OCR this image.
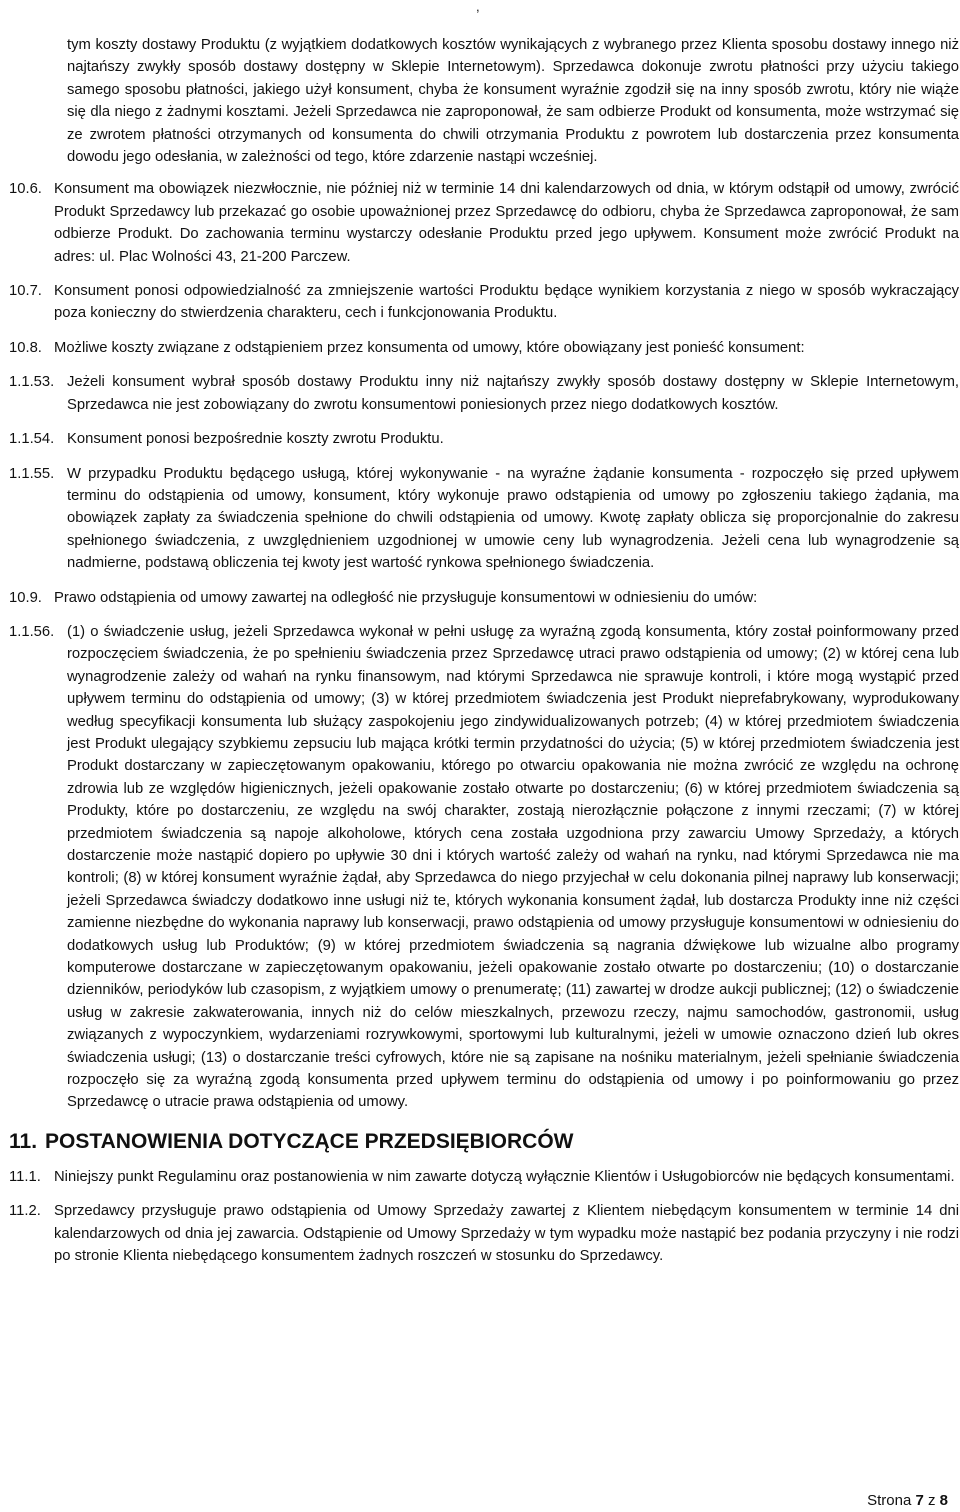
,
tym koszty dostawy Produktu (z wyjątkiem dodatkowych kosztów wynikających z wybranego przez Klienta sposobu dostawy innego niż najtańszy zwykły sposób dostawy dostępny w Sklepie Internetowym). Sprzedawca dokonuje zwrotu płatności przy użyciu takiego samego sposobu płatności, jakiego użył konsument, chyba że konsument wyraźnie zgodził się na inny sposób zwrotu, który nie wiąże się dla niego z żadnymi kosztami. Jeżeli Sprzedawca nie zaproponował, że sam odbierze Produkt od konsumenta, może wstrzymać się ze zwrotem płatności otrzymanych od konsumenta do chwili otrzymania Produktu z powrotem lub dostarczenia przez konsumenta dowodu jego odesłania, w zależności od tego, które zdarzenie nastąpi wcześniej.
10.6. Konsument ma obowiązek niezwłocznie, nie później niż w terminie 14 dni kalendarzowych od dnia, w którym odstąpił od umowy, zwrócić Produkt Sprzedawcy lub przekazać go osobie upoważnionej przez Sprzedawcę do odbioru, chyba że Sprzedawca zaproponował, że sam odbierze Produkt. Do zachowania terminu wystarczy odesłanie Produktu przed jego upływem. Konsument może zwrócić Produkt na adres: ul. Plac Wolności 43, 21-200 Parczew.
10.7. Konsument ponosi odpowiedzialność za zmniejszenie wartości Produktu będące wynikiem korzystania z niego w sposób wykraczający poza konieczny do stwierdzenia charakteru, cech i funkcjonowania Produktu.
10.8. Możliwe koszty związane z odstąpieniem przez konsumenta od umowy, które obowiązany jest ponieść konsument:
1.1.53. Jeżeli konsument wybrał sposób dostawy Produktu inny niż najtańszy zwykły sposób dostawy dostępny w Sklepie Internetowym, Sprzedawca nie jest zobowiązany do zwrotu konsumentowi poniesionych przez niego dodatkowych kosztów.
1.1.54. Konsument ponosi bezpośrednie koszty zwrotu Produktu.
1.1.55. W przypadku Produktu będącego usługą, której wykonywanie - na wyraźne żądanie konsumenta - rozpoczęło się przed upływem terminu do odstąpienia od umowy, konsument, który wykonuje prawo odstąpienia od umowy po zgłoszeniu takiego żądania, ma obowiązek zapłaty za świadczenia spełnione do chwili odstąpienia od umowy. Kwotę zapłaty oblicza się proporcjonalnie do zakresu spełnionego świadczenia, z uwzględnieniem uzgodnionej w umowie ceny lub wynagrodzenia. Jeżeli cena lub wynagrodzenie są nadmierne, podstawą obliczenia tej kwoty jest wartość rynkowa spełnionego świadczenia.
10.9. Prawo odstąpienia od umowy zawartej na odległość nie przysługuje konsumentowi w odniesieniu do umów:
1.1.56. (1) o świadczenie usług, jeżeli Sprzedawca wykonał w pełni usługę za wyraźną zgodą konsumenta, który został poinformowany przed rozpoczęciem świadczenia, że po spełnieniu świadczenia przez Sprzedawcę utraci prawo odstąpienia od umowy; (2) w której cena lub wynagrodzenie zależy od wahań na rynku finansowym, nad którymi Sprzedawca nie sprawuje kontroli, i które mogą wystąpić przed upływem terminu do odstąpienia od umowy; (3) w której przedmiotem świadczenia jest Produkt nieprefabrykowany, wyprodukowany według specyfikacji konsumenta lub służący zaspokojeniu jego zindywidualizowanych potrzeb; (4) w której przedmiotem świadczenia jest Produkt ulegający szybkiemu zepsuciu lub mająca krótki termin przydatności do użycia; (5) w której przedmiotem świadczenia jest Produkt dostarczany w zapieczętowanym opakowaniu, którego po otwarciu opakowania nie można zwrócić ze względu na ochronę zdrowia lub ze względów higienicznych, jeżeli opakowanie zostało otwarte po dostarczeniu; (6) w której przedmiotem świadczenia są Produkty, które po dostarczeniu, ze względu na swój charakter, zostają nierozłącznie połączone z innymi rzeczami; (7) w której przedmiotem świadczenia są napoje alkoholowe, których cena została uzgodniona przy zawarciu Umowy Sprzedaży, a których dostarczenie może nastąpić dopiero po upływie 30 dni i których wartość zależy od wahań na rynku, nad którymi Sprzedawca nie ma kontroli; (8) w której konsument wyraźnie żądał, aby Sprzedawca do niego przyjechał w celu dokonania pilnej naprawy lub konserwacji; jeżeli Sprzedawca świadczy dodatkowo inne usługi niż te, których wykonania konsument żądał, lub dostarcza Produkty inne niż części zamienne niezbędne do wykonania naprawy lub konserwacji, prawo odstąpienia od umowy przysługuje konsumentowi w odniesieniu do dodatkowych usług lub Produktów; (9) w której przedmiotem świadczenia są nagrania dźwiękowe lub wizualne albo programy komputerowe dostarczane w zapieczętowanym opakowaniu, jeżeli opakowanie zostało otwarte po dostarczeniu; (10) o dostarczanie dzienników, periodyków lub czasopism, z wyjątkiem umowy o prenumeratę; (11) zawartej w drodze aukcji publicznej; (12) o świadczenie usług w zakresie zakwaterowania, innych niż do celów mieszkalnych, przewozu rzeczy, najmu samochodów, gastronomii, usług związanych z wypoczynkiem, wydarzeniami rozrywkowymi, sportowymi lub kulturalnymi, jeżeli w umowie oznaczono dzień lub okres świadczenia usługi; (13) o dostarczanie treści cyfrowych, które nie są zapisane na nośniku materialnym, jeżeli spełnianie świadczenia rozpoczęło się za wyraźną zgodą konsumenta przed upływem terminu do odstąpienia od umowy i po poinformowaniu go przez Sprzedawcę o utracie prawa odstąpienia od umowy.
11. POSTANOWIENIA DOTYCZĄCE PRZEDSIĘBIORCÓW
11.1. Niniejszy punkt Regulaminu oraz postanowienia w nim zawarte dotyczą wyłącznie Klientów i Usługobiorców nie będących konsumentami.
11.2. Sprzedawcy przysługuje prawo odstąpienia od Umowy Sprzedaży zawartej z Klientem niebędącym konsumentem w terminie 14 dni kalendarzowych od dnia jej zawarcia. Odstąpienie od Umowy Sprzedaży w tym wypadku może nastąpić bez podania przyczyny i nie rodzi po stronie Klienta niebędącego konsumentem żadnych roszczeń w stosunku do Sprzedawcy.
Strona 7 z 8
